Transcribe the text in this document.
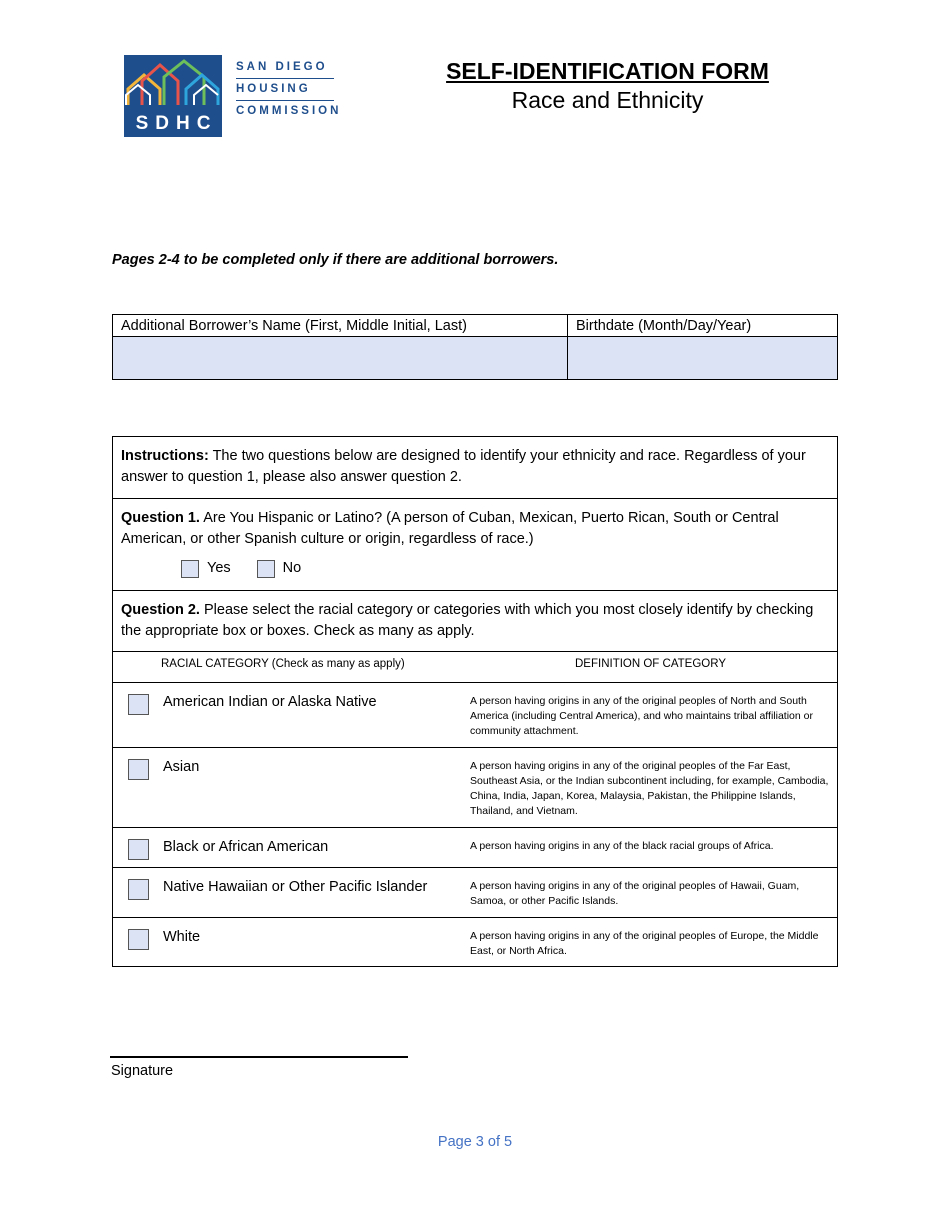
SDHC
SAN DIEGO
HOUSING
COMMISSION
SELF-IDENTIFICATION FORM
Race and Ethnicity
Pages 2-4 to be completed only if there are additional borrowers.
Additional Borrower’s Name (First, Middle Initial, Last)	Birthdate (Month/Day/Year)

Instructions: The two questions below are designed to identify your ethnicity and race. Regardless of your answer to question 1, please also answer question 2.
Question 1. Are You Hispanic or Latino? (A person of Cuban, Mexican, Puerto Rican, South or Central American, or other Spanish culture or origin, regardless of race.)
Yes	No
Question 2. Please select the racial category or categories with which you most closely identify by checking the appropriate box or boxes. Check as many as apply.
RACIAL CATEGORY (Check as many as apply)	DEFINITION OF CATEGORY
American Indian or Alaska Native	A person having origins in any of the original peoples of North and South America (including Central America), and who maintains tribal affiliation or community attachment.
Asian	A person having origins in any of the original peoples of the Far East, Southeast Asia, or the Indian subcontinent including, for example, Cambodia, China, India, Japan, Korea, Malaysia, Pakistan, the Philippine Islands, Thailand, and Vietnam.
Black or African American	A person having origins in any of the black racial groups of Africa.
Native Hawaiian or Other Pacific Islander	A person having origins in any of the original peoples of Hawaii, Guam, Samoa, or other Pacific Islands.
White	A person having origins in any of the original peoples of Europe, the Middle East, or North Africa.
Signature
Page 3 of 5
